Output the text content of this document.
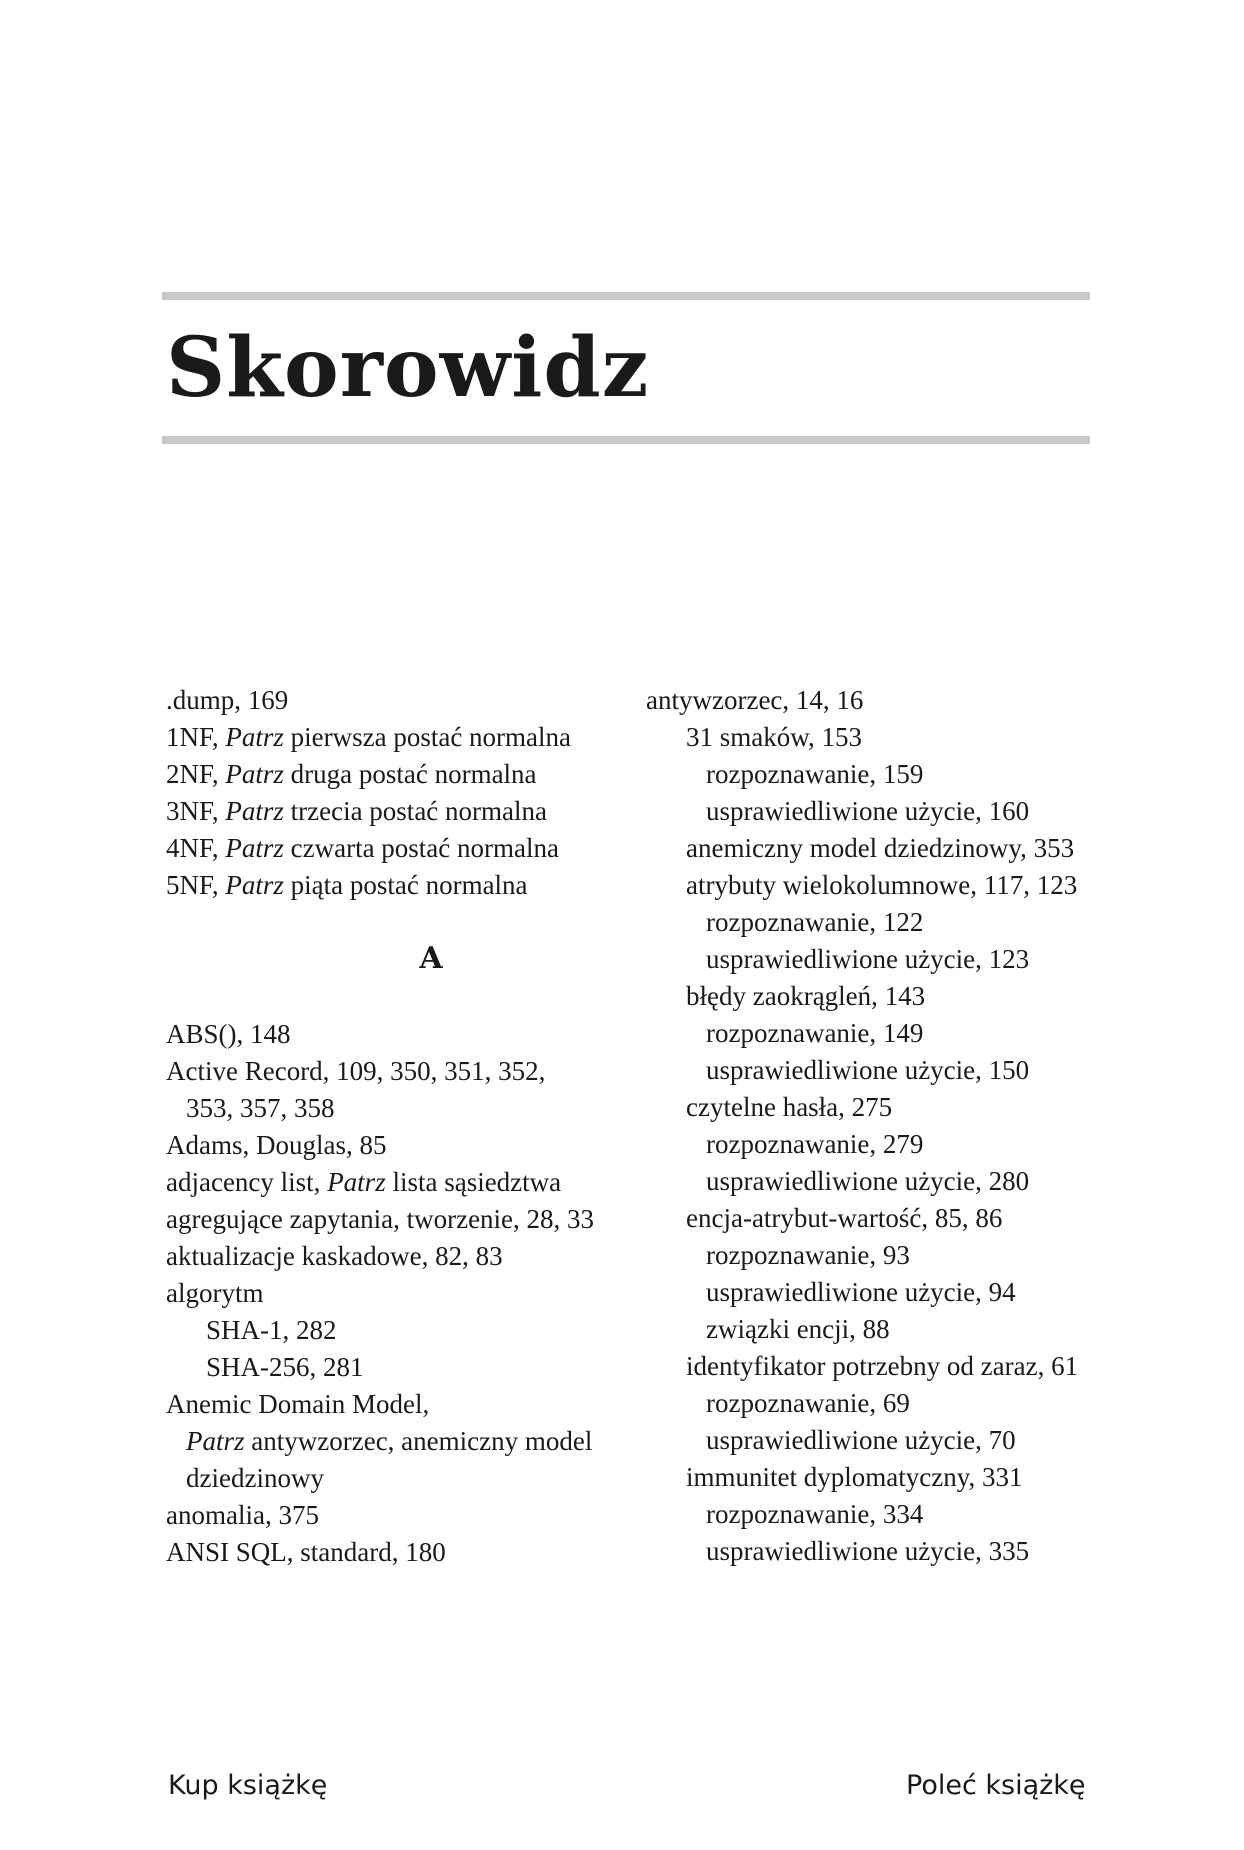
Skorowidz
.dump, 169
1NF, Patrz pierwsza postać normalna
2NF, Patrz druga postać normalna
3NF, Patrz trzecia postać normalna
4NF, Patrz czwarta postać normalna
5NF, Patrz piąta postać normalna
A
ABS(), 148
Active Record, 109, 350, 351, 352,
353, 357, 358
Adams, Douglas, 85
adjacency list, Patrz lista sąsiedztwa
agregujące zapytania, tworzenie, 28, 33
aktualizacje kaskadowe, 82, 83
algorytm
SHA-1, 282
SHA-256, 281
Anemic Domain Model,
Patrz antywzorzec, anemiczny model
dziedzinowy
anomalia, 375
ANSI SQL, standard, 180
antywzorzec, 14, 16
31 smaków, 153
rozpoznawanie, 159
usprawiedliwione użycie, 160
anemiczny model dziedzinowy, 353
atrybuty wielokolumnowe, 117, 123
rozpoznawanie, 122
usprawiedliwione użycie, 123
błędy zaokrągleń, 143
rozpoznawanie, 149
usprawiedliwione użycie, 150
czytelne hasła, 275
rozpoznawanie, 279
usprawiedliwione użycie, 280
encja-atrybut-wartość, 85, 86
rozpoznawanie, 93
usprawiedliwione użycie, 94
związki encji, 88
identyfikator potrzebny od zaraz, 61
rozpoznawanie, 69
usprawiedliwione użycie, 70
immunitet dyplomatyczny, 331
rozpoznawanie, 334
usprawiedliwione użycie, 335
Kup książkę	Poleć książkę
